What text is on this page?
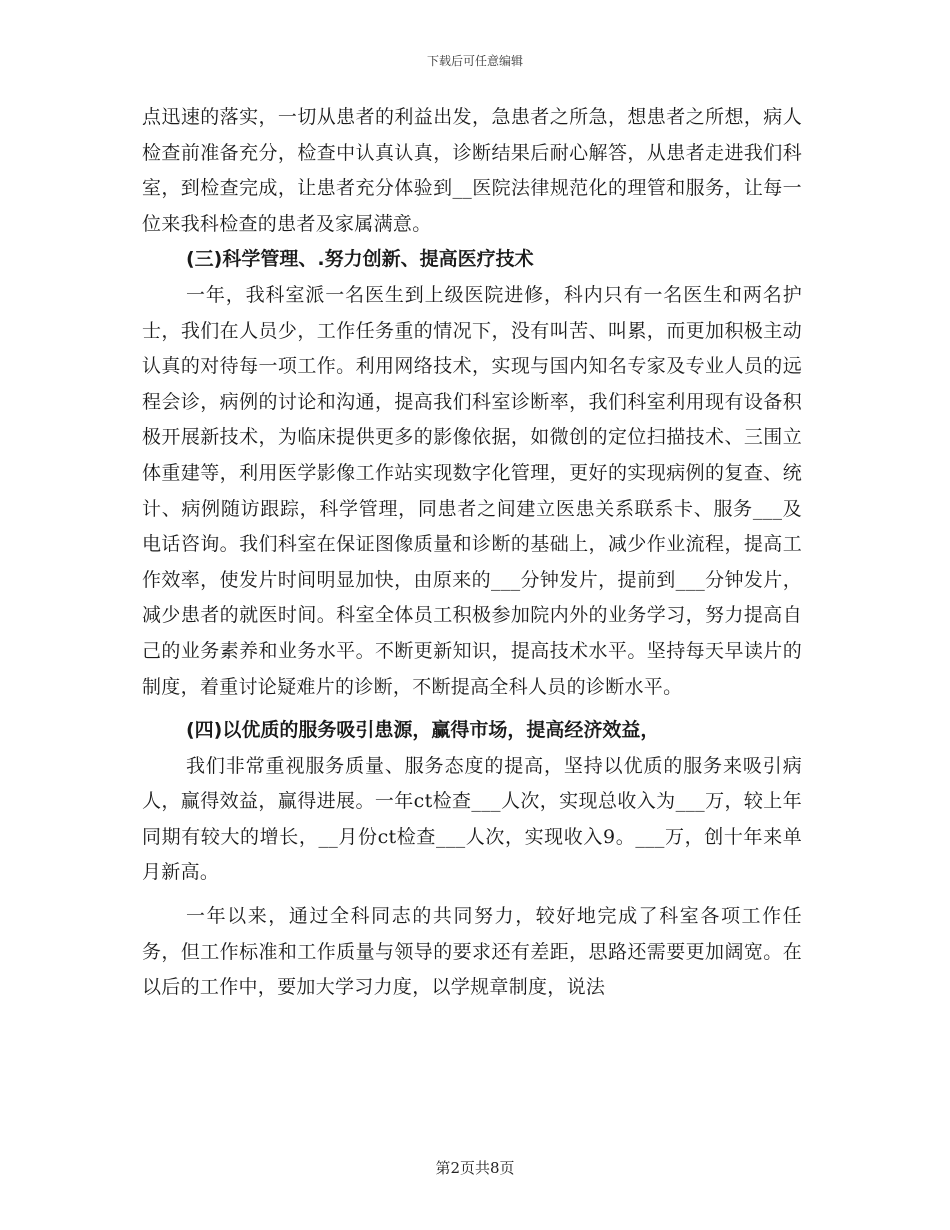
下载后可任意编辑

点迅速的落实，一切从患者的利益出发，急患者之所急，想患者之所想，病人检查前准备充分，检查中认真认真，诊断结果后耐心解答，从患者走进我们科室，到检查完成，让患者充分体验到__医院法律规范化的理管和服务，让每一位来我科检查的患者及家属满意。

(三)科学管理、.努力创新、提高医疗技术

一年，我科室派一名医生到上级医院进修，科内只有一名医生和两名护士，我们在人员少，工作任务重的情况下，没有叫苦、叫累，而更加积极主动认真的对待每一项工作。利用网络技术，实现与国内知名专家及专业人员的远程会诊，病例的讨论和沟通，提高我们科室诊断率，我们科室利用现有设备积极开展新技术，为临床提供更多的影像依据，如微创的定位扫描技术、三围立体重建等，利用医学影像工作站实现数字化管理，更好的实现病例的复查、统计、病例随访跟踪，科学管理，同患者之间建立医患关系联系卡、服务___及电话咨询。我们科室在保证图像质量和诊断的基础上，减少作业流程，提高工作效率，使发片时间明显加快，由原来的___分钟发片，提前到___分钟发片，减少患者的就医时间。科室全体员工积极参加院内外的业务学习，努力提高自己的业务素养和业务水平。不断更新知识，提高技术水平。坚持每天早读片的制度，着重讨论疑难片的诊断，不断提高全科人员的诊断水平。

(四)以优质的服务吸引患源，赢得市场，提高经济效益，

我们非常重视服务质量、服务态度的提高，坚持以优质的服务来吸引病人，赢得效益，赢得进展。一年ct检查___人次，实现总收入为___万，较上年同期有较大的增长，__月份ct检查___人次，实现收入9。___万，创十年来单月新高。

一年以来，通过全科同志的共同努力，较好地完成了科室各项工作任务，但工作标准和工作质量与领导的要求还有差距，思路还需要更加阔宽。在以后的工作中，要加大学习力度，以学规章制度，说法

第2页共8页
